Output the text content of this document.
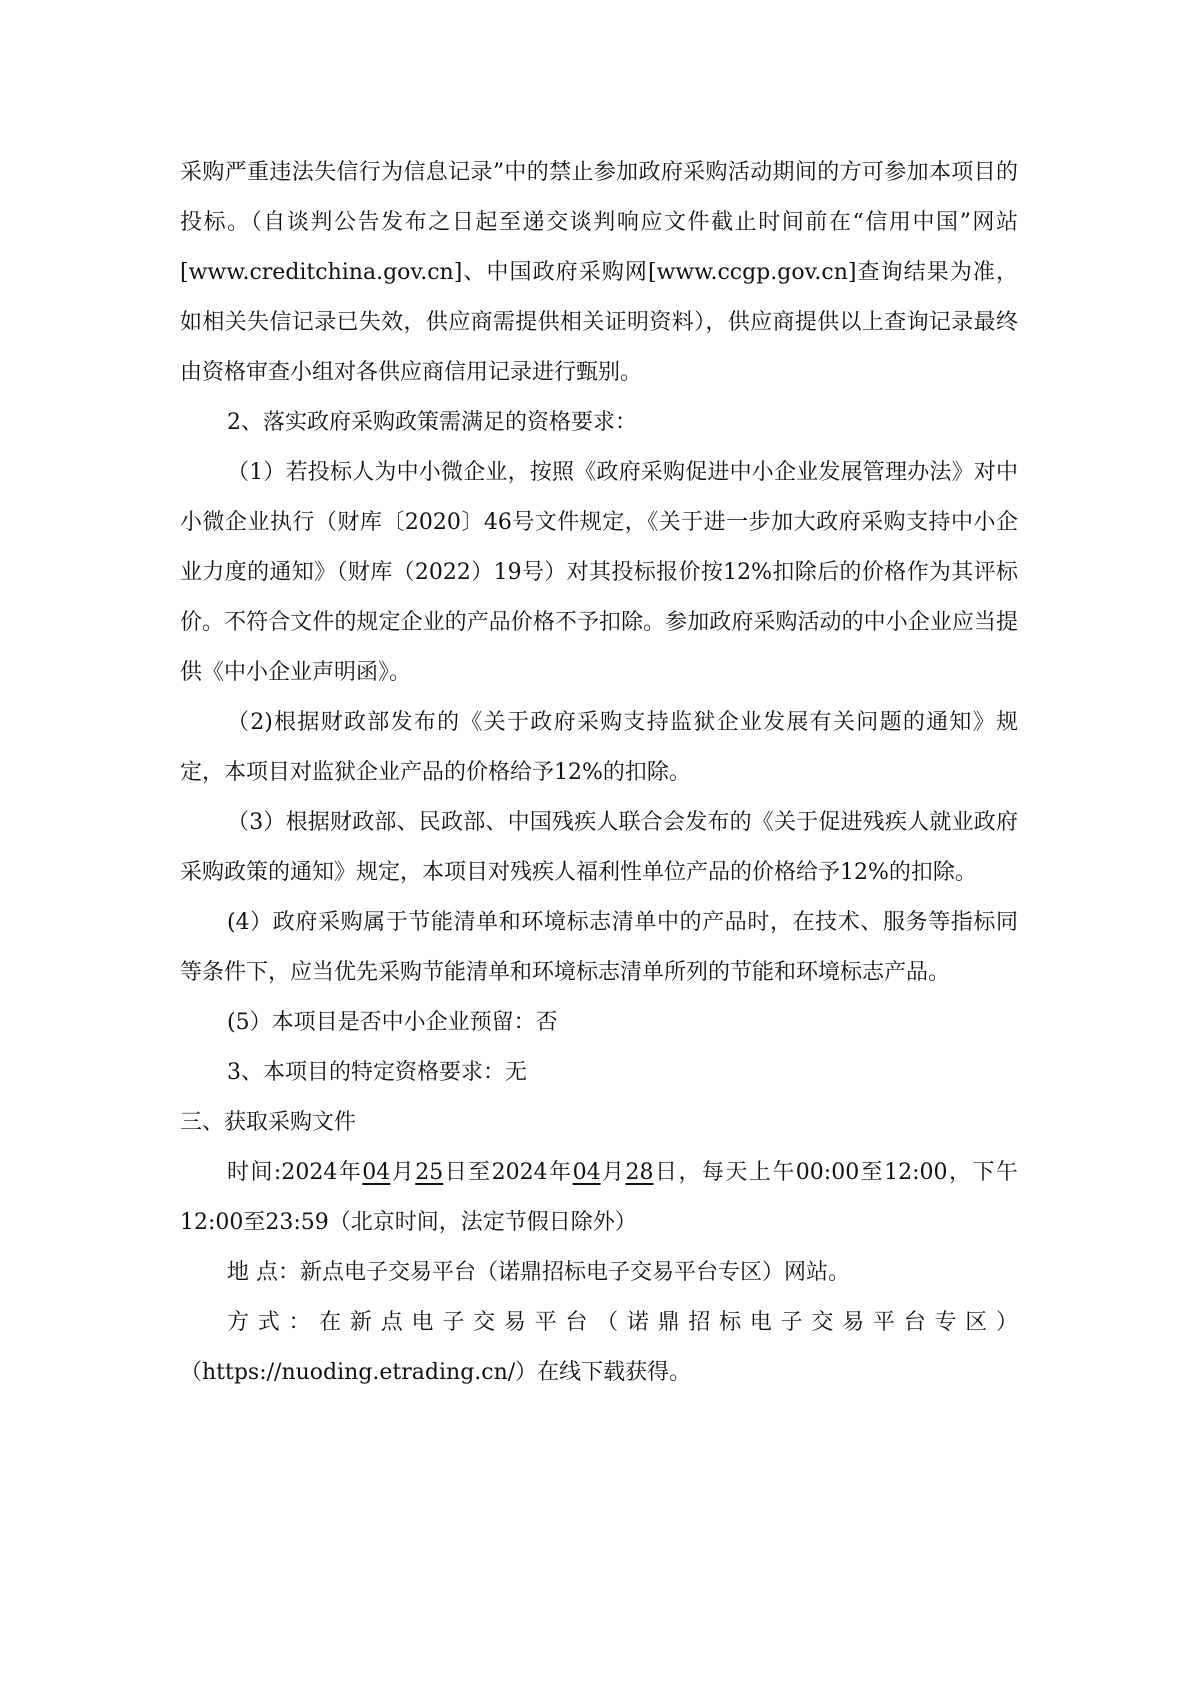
采购严重违法失信行为信息记录”中的禁止参加政府采购活动期间的方可参加本项目的投标。（自谈判公告发布之日起至递交谈判响应文件截止时间前在“信用中国”网站[www.creditchina.gov.cn]、中国政府采购网[www.ccgp.gov.cn]查询结果为准，如相关失信记录已失效，供应商需提供相关证明资料），供应商提供以上查询记录最终由资格审查小组对各供应商信用记录进行甄别。

2、落实政府采购政策需满足的资格要求：

（1）若投标人为中小微企业，按照《政府采购促进中小企业发展管理办法》对中小微企业执行（财库〔2020〕46号文件规定，《关于进一步加大政府采购支持中小企业力度的通知》（财库（2022）19号）对其投标报价按12%扣除后的价格作为其评标价。不符合文件的规定企业的产品价格不予扣除。参加政府采购活动的中小企业应当提供《中小企业声明函》。

（2)根据财政部发布的《关于政府采购支持监狱企业发展有关问题的通知》规定，本项目对监狱企业产品的价格给予12%的扣除。

（3）根据财政部、民政部、中国残疾人联合会发布的《关于促进残疾人就业政府采购政策的通知》规定，本项目对残疾人福利性单位产品的价格给予12%的扣除。

(4）政府采购属于节能清单和环境标志清单中的产品时，在技术、服务等指标同等条件下，应当优先采购节能清单和环境标志清单所列的节能和环境标志产品。

(5）本项目是否中小企业预留：否

3、本项目的特定资格要求：无

三、获取采购文件

时间:2024年04月25日至2024年04月28日，每天上午00:00至12:00，下午12:00至23:59（北京时间，法定节假日除外）

地 点：新点电子交易平台（诺鼎招标电子交易平台专区）网站。

方式：在新点电子交易平台（诺鼎招标电子交易平台专区）

（https://nuoding.etrading.cn/）在线下载获得。
